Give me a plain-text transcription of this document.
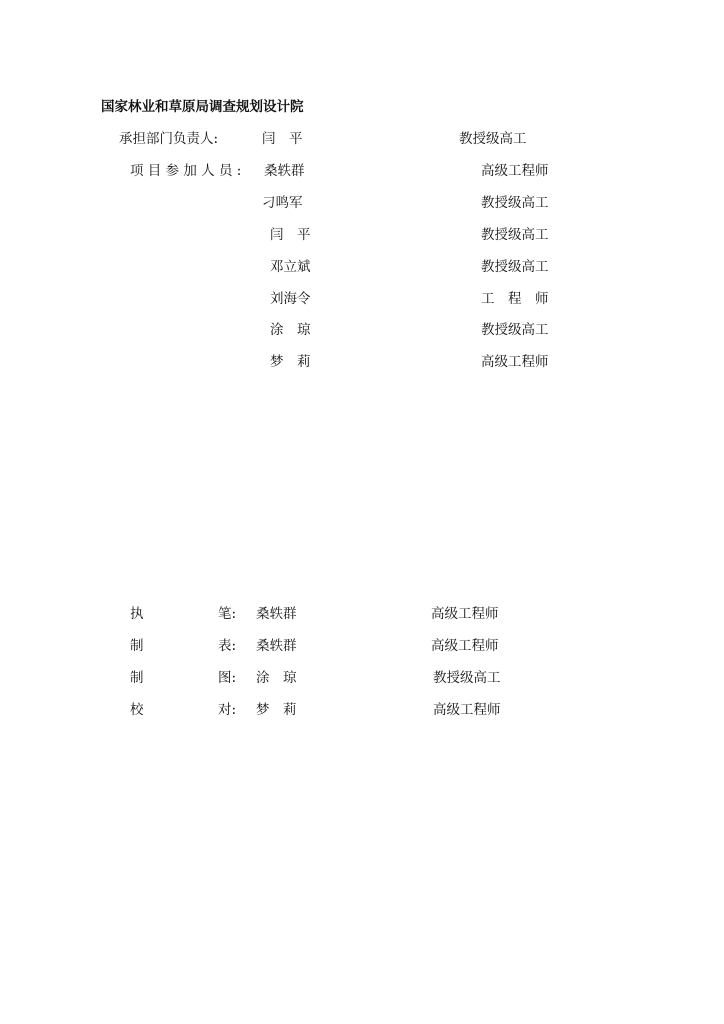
国家林业和草原局调查规划设计院
承担部门负责人:	闫　平	教授级高工
项 目 参 加 人 员 : 桑轶群	高级工程师
刁鸣军	教授级高工
闫　平	教授级高工
邓立斌	教授级高工
刘海令	工　程　师
涂　琼	教授级高工
梦　莉	高级工程师
执	笔: 桑轶群	高级工程师
制	表: 桑轶群	高级工程师
制	图: 涂　琼	教授级高工
校	对: 梦　莉	高级工程师
